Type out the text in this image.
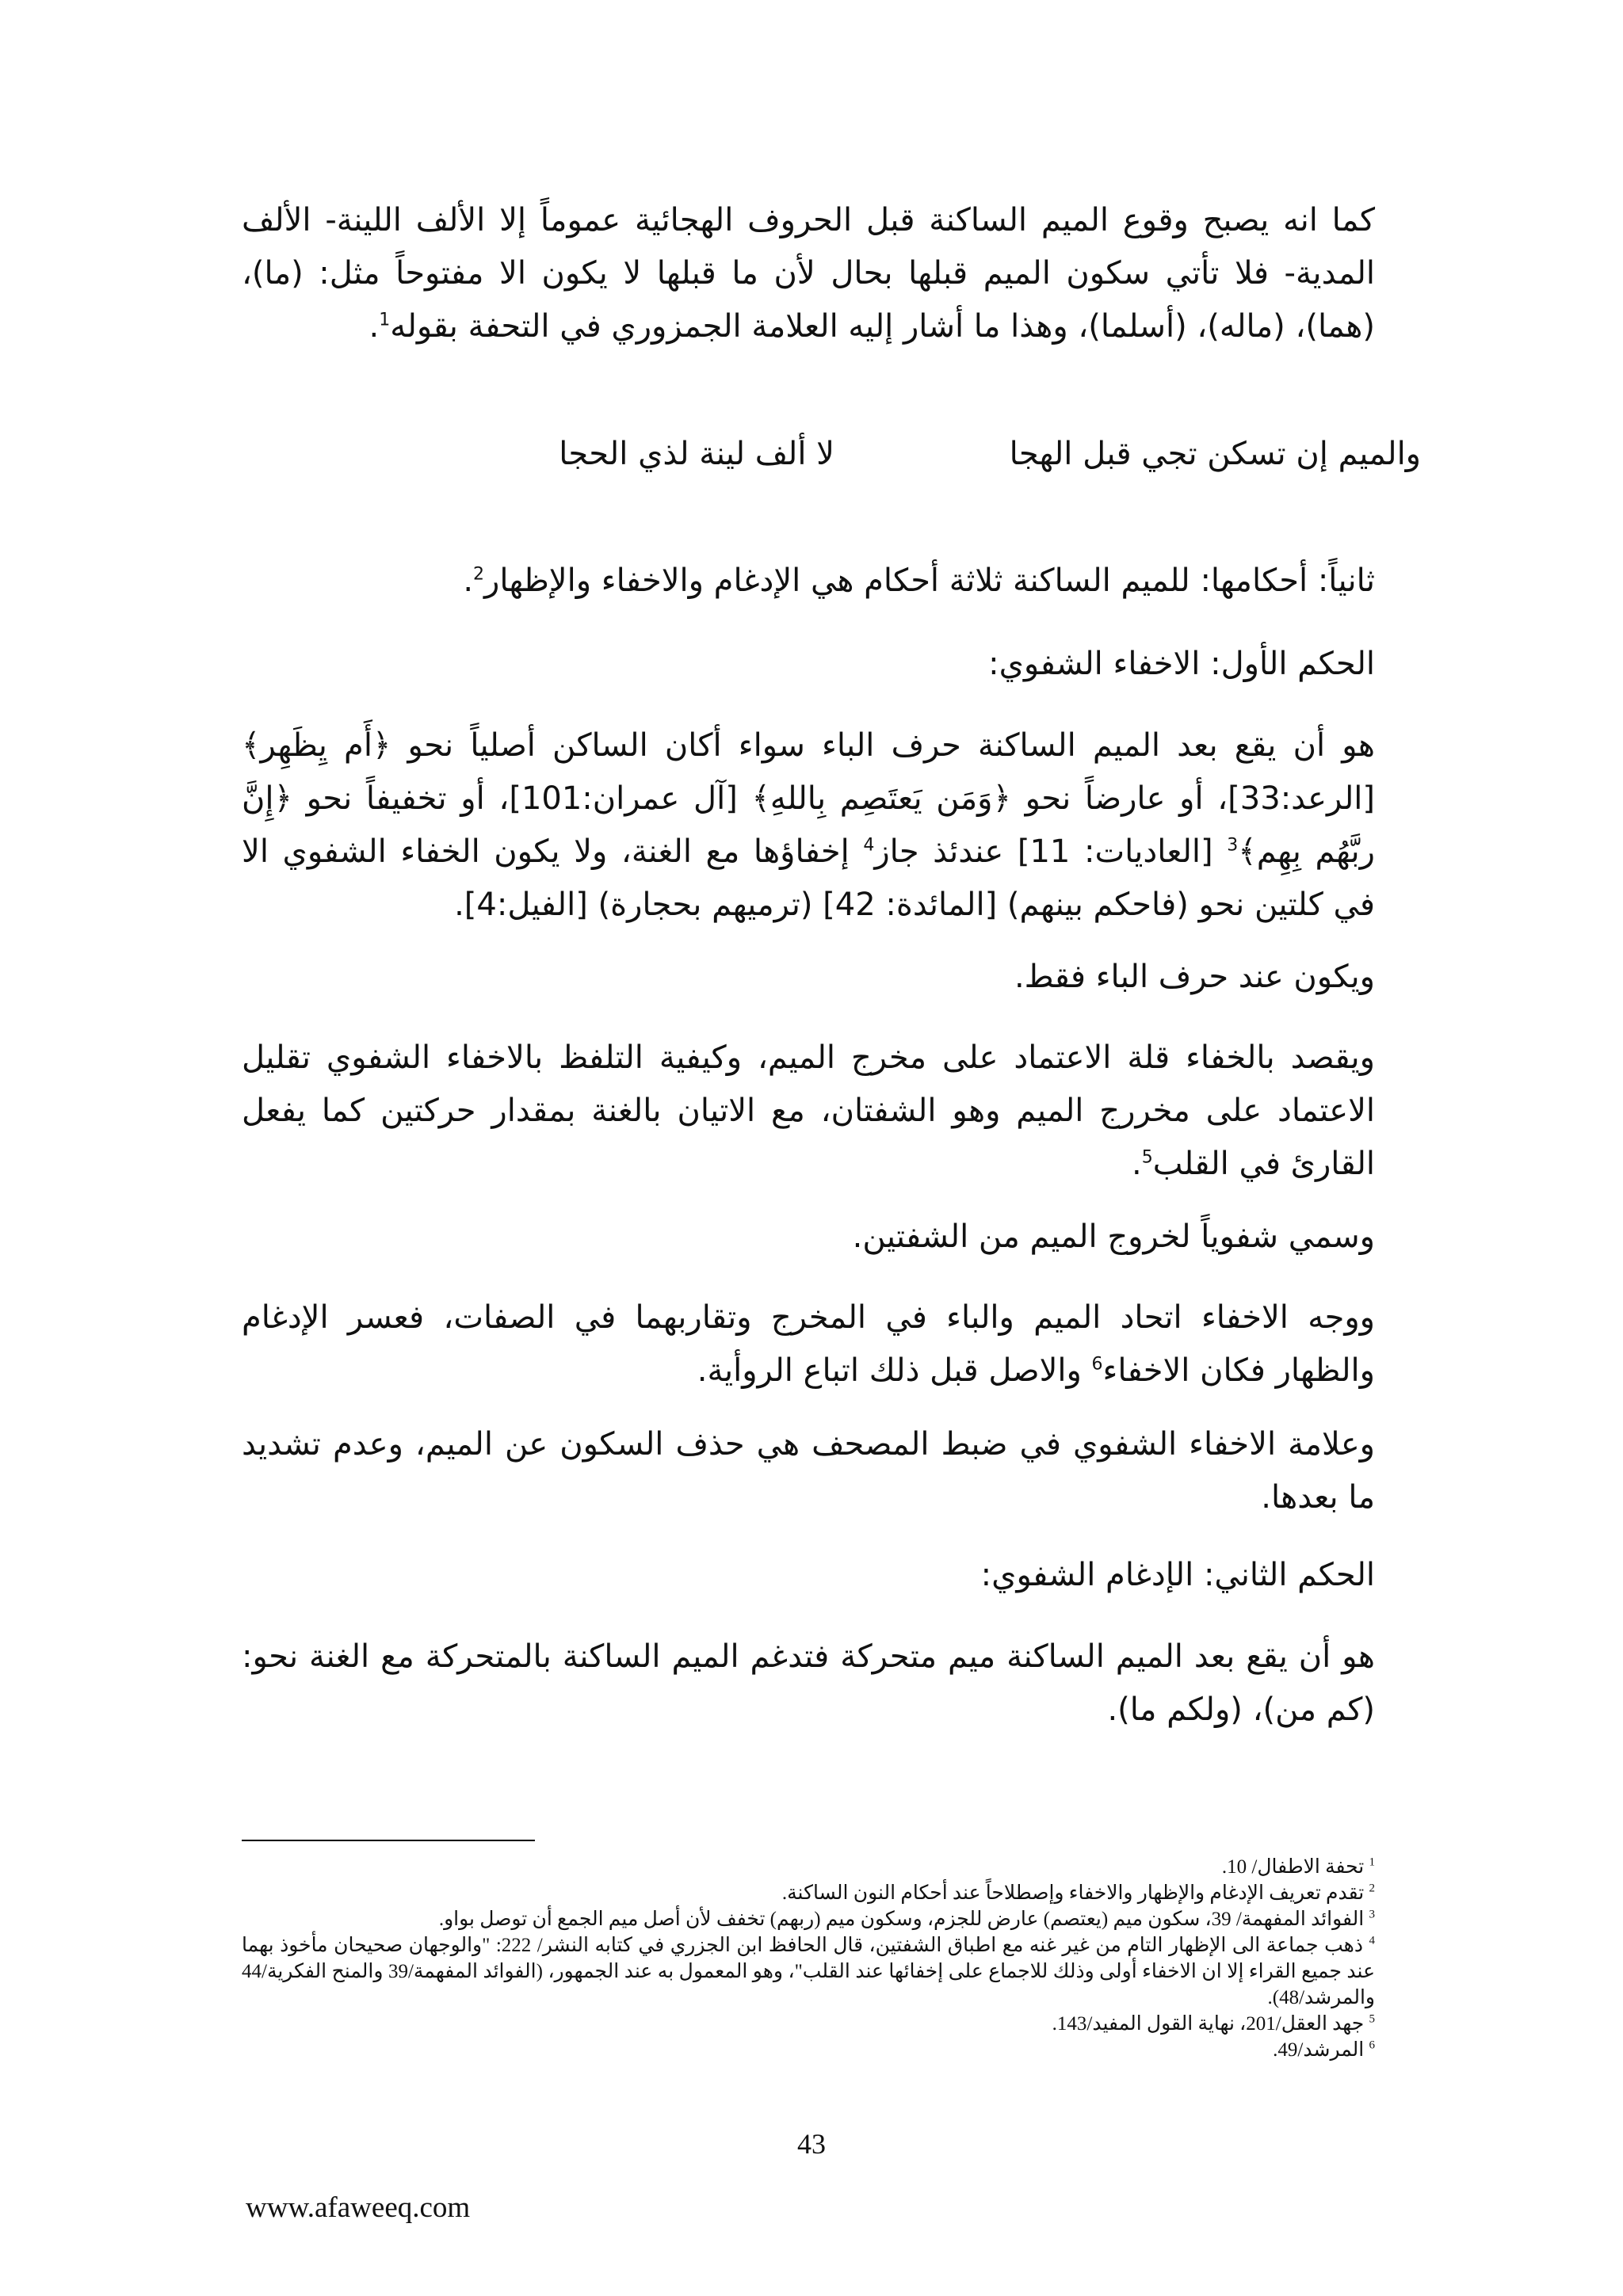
كما انه يصبح وقوع الميم الساكنة قبل الحروف الهجائية عموماً إلا الألف اللينة- الألف المدية- فلا تأتي سكون الميم قبلها بحال لأن ما قبلها لا يكون الا مفتوحاً مثل: (ما)، (هما)، (ماله)، (أسلما)، وهذا ما أشار إليه العلامة الجمزوري في التحفة بقوله$^1$.

والميم إن تسكن تجي قبل الهجا
لا ألف لينة لذي الحجا

ثانياً: أحكامها: للميم الساكنة ثلاثة أحكام هي الإدغام والاخفاء والإظهار$^2$.

الحكم الأول: الاخفاء الشفوي:

هو أن يقع بعد الميم الساكنة حرف الباء سواء أكان الساكن أصلياً نحو ﴿أَم يِظَهِر﴾ [الرعد:33]، أو عارضاً نحو ﴿وَمَن يَعتَصِم بِاللهِ﴾ [آل عمران:101]، أو تخفيفاً نحو ﴿إِنَّ ربَّهُم بِهِم﴾$^3$ [العاديات: 11] عندئذ جاز$^4$ إخفاؤها مع الغنة، ولا يكون الخفاء الشفوي الا في كلتين نحو (فاحكم بينهم) [المائدة: 42] (ترميهم بحجارة) [الفيل:4].

ويكون عند حرف الباء فقط.

ويقصد بالخفاء قلة الاعتماد على مخرج الميم، وكيفية التلفظ بالاخفاء الشفوي تقليل الاعتماد على مخررج الميم وهو الشفتان، مع الاتيان بالغنة بمقدار حركتين كما يفعل القارئ في القلب$^5$.

وسمي شفوياً لخروج الميم من الشفتين.

ووجه الاخفاء اتحاد الميم والباء في المخرج وتقاربهما في الصفات، فعسر الإدغام والظهار فكان الاخفاء$^6$ والاصل قبل ذلك اتباع الروأية.

وعلامة الاخفاء الشفوي في ضبط المصحف هي حذف السكون عن الميم، وعدم تشديد ما بعدها.

الحكم الثاني: الإدغام الشفوي:

هو أن يقع بعد الميم الساكنة ميم متحركة فتدغم الميم الساكنة بالمتحركة مع الغنة نحو: (كم من)، (ولكم ما).

$^1$ تحفة الاطفال/ 10.

$^2$ تقدم تعريف الإدغام والإظهار والاخفاء وإصطلاحاً عند أحكام النون الساكنة.

$^3$ الفوائد المفهمة/ 39، سكون ميم (يعتصم) عارض للجزم، وسكون ميم (ربهم) تخفف لأن أصل ميم الجمع أن توصل بواو.

$^4$ ذهب جماعة الى الإظهار التام من غير غنه مع اطباق الشفتين، قال الحافظ ابن الجزري في كتابه النشر/ 222: "والوجهان صحيحان مأخوذ بهما عند جميع القراء إلا ان الاخفاء أولى وذلك للاجماع على إخفائها عند القلب"، وهو المعمول به عند الجمهور، (الفوائد المفهمة/39 والمنح الفكرية/44 والمرشد/48).

$^5$ جهد العقل/201، نهاية القول المفيد/143.

$^6$ المرشد/49.

43
www.afaweeq.com
